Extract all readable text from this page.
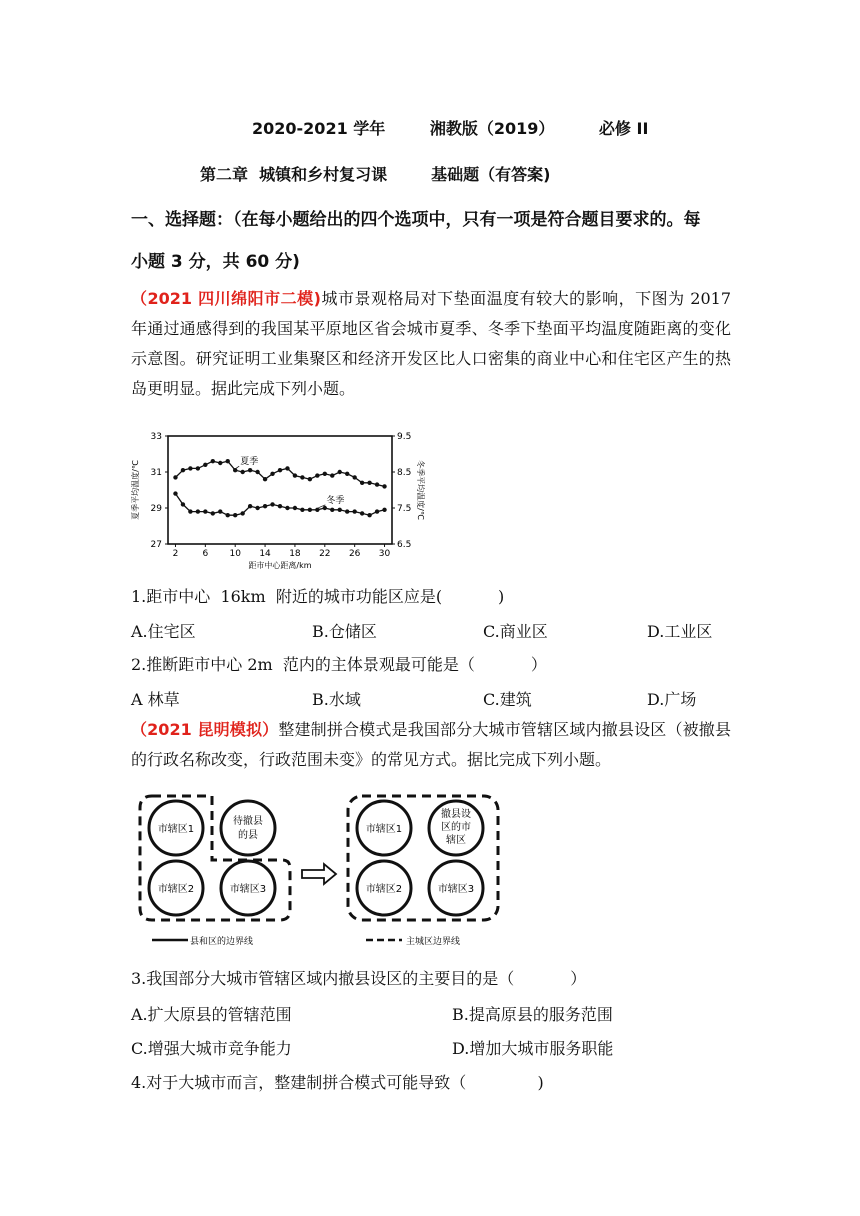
2020-2021 学年        湘教版（2019）        必修 II
第二章  城镇和乡村复习课	基础题（有答案)
一、选择题：（在每小题给出的四个选项中，只有一项是符合题目要求的。每
小题 3 分，共 60 分)
（2021 四川绵阳市二模)城市景观格局对下垫面温度有较大的影响，下图为 2017 年通过通感得到的我国某平原地区省会城市夏季、冬季下垫面平均温度随距离的变化示意图。研究证明工业集聚区和经济开发区比人口密集的商业中心和住宅区产生的热岛更明显。据此完成下列小题。
2	6 10 14 18 22 26 30
33
31
29
27
9.5
8.5
7.5
6.5
夏季
冬季
夏季平均温度/℃	冬季平均温度/℃
距市中心距离/km
1.距市中心  16km  附近的城市功能区应是(           )
A.住宅区	B.仓储区	C.商业区	D.工业区
2.推断距市中心 2m  范内的主体景观最可能是（           ）
A 林草	B.水域	C.建筑	D.广场
（2021 昆明模拟）整建制拼合模式是我国部分大城市管辖区域内撤县设区（被撤县的行政名称改变，行政范围未变》的常见方式。据比完成下列小题。
市辖区1
待撤县
的县
市辖区2	市辖区3
市辖区1
撤县设
区的市
辖区
市辖区2	市辖区3
县和区的边界线	主城区边界线
3.我国部分大城市管辖区域内撤县设区的主要目的是（           ）
A.扩大原县的管辖范围	B.提高原县的服务范围
C.增强大城市竞争能力	D.增加大城市服务职能
4.对于大城市而言，整建制拼合模式可能导致（              )
